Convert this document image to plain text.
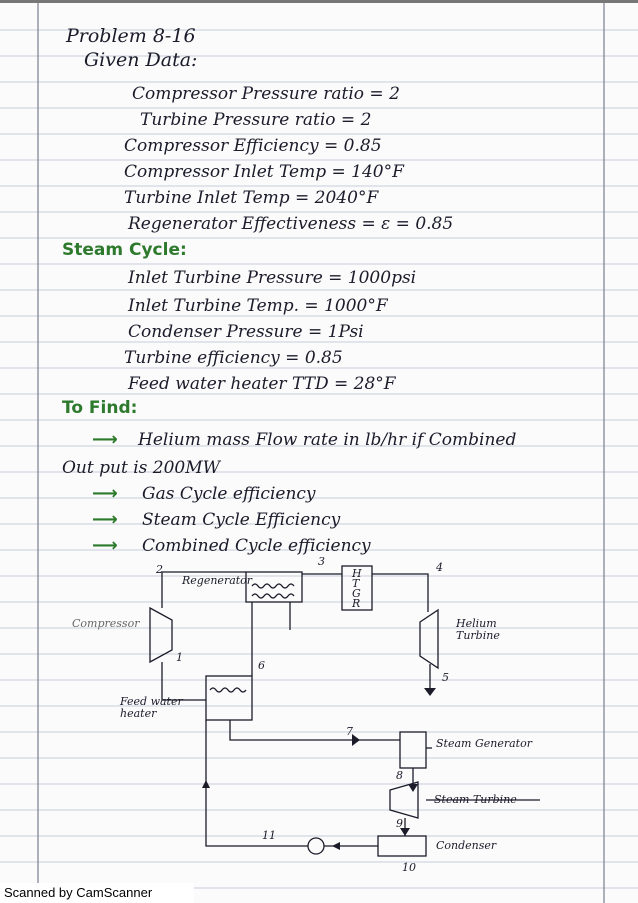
Problem 8-16
Given Data:
Compressor Pressure ratio = 2
Turbine Pressure ratio = 2
Compressor Efficiency = 0.85
Compressor Inlet Temp = 140°F
Turbine Inlet Temp = 2040°F
Regenerator Effectiveness = ε = 0.85
Steam Cycle:
Inlet Turbine Pressure = 1000psi
Inlet Turbine Temp. = 1000°F
Condenser Pressure = 1Psi
Turbine efficiency = 0.85
Feed water heater TTD = 28°F
To Find:
⟶ Helium mass Flow rate in lb/hr if Combined
Out put is 200MW
⟶ Gas Cycle efficiency
⟶ Steam Cycle Efficiency
⟶ Combined Cycle efficiency
Compressor
Regenerator
H
T
G
R
Helium Turbine
Feed water heater
Steam Generator
Steam Turbine
Condenser
1
2
3	4
5
6
7
8
9
10
11
Scanned by CamScanner
